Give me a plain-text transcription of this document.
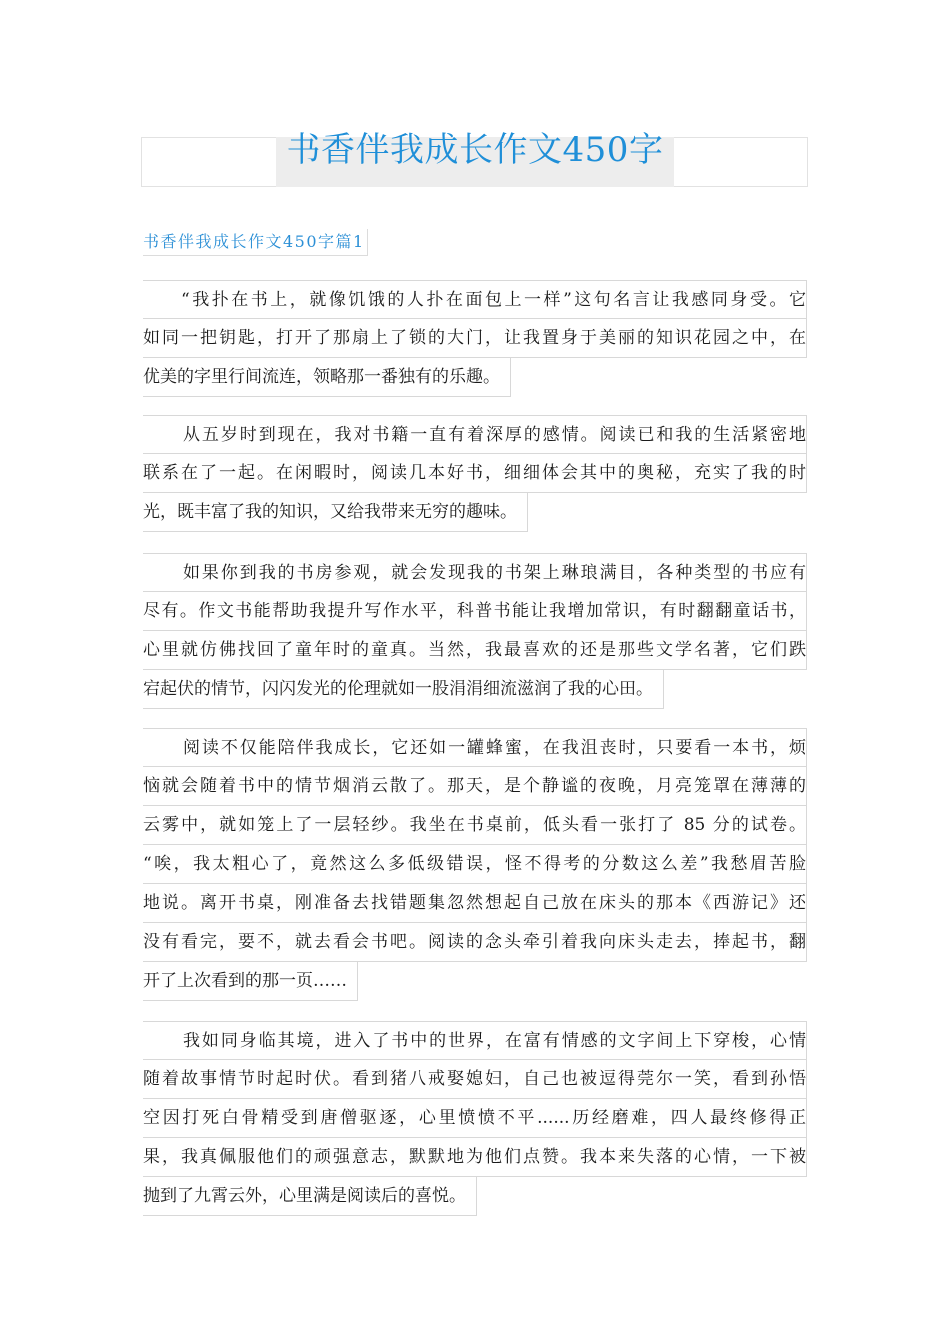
书香伴我成长作文450字
书香伴我成长作文450字篇1
“我扑在书上，就像饥饿的人扑在面包上一样”这句名言让我感同身受。它
如同一把钥匙，打开了那扇上了锁的大门，让我置身于美丽的知识花园之中，在
优美的字里行间流连，领略那一番独有的乐趣。
从五岁时到现在，我对书籍一直有着深厚的感情。阅读已和我的生活紧密地
联系在了一起。在闲暇时，阅读几本好书，细细体会其中的奥秘，充实了我的时
光，既丰富了我的知识，又给我带来无穷的趣味。
如果你到我的书房参观，就会发现我的书架上琳琅满目，各种类型的书应有
尽有。作文书能帮助我提升写作水平，科普书能让我增加常识，有时翻翻童话书，
心里就仿佛找回了童年时的童真。当然，我最喜欢的还是那些文学名著，它们跌
宕起伏的情节，闪闪发光的伦理就如一股涓涓细流滋润了我的心田。
阅读不仅能陪伴我成长，它还如一罐蜂蜜，在我沮丧时，只要看一本书，烦
恼就会随着书中的情节烟消云散了。那天，是个静谧的夜晚，月亮笼罩在薄薄的
云雾中，就如笼上了一层轻纱。我坐在书桌前，低头看一张打了 85 分的试卷。
“唉，我太粗心了，竟然这么多低级错误，怪不得考的分数这么差”我愁眉苦脸
地说。离开书桌，刚准备去找错题集忽然想起自己放在床头的那本《西游记》还
没有看完，要不，就去看会书吧。阅读的念头牵引着我向床头走去，捧起书，翻
开了上次看到的那一页……
我如同身临其境，进入了书中的世界，在富有情感的文字间上下穿梭，心情
随着故事情节时起时伏。看到猪八戒娶媳妇，自己也被逗得莞尔一笑，看到孙悟
空因打死白骨精受到唐僧驱逐，心里愤愤不平......历经磨难，四人最终修得正
果，我真佩服他们的顽强意志，默默地为他们点赞。我本来失落的心情，一下被
抛到了九霄云外，心里满是阅读后的喜悦。
